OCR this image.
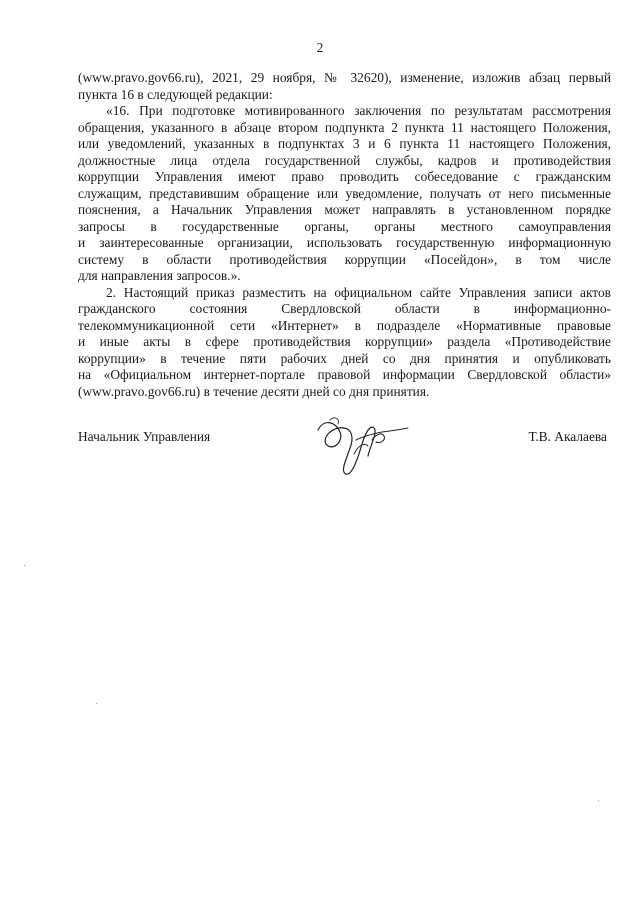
2
(www.pravo.gov66.ru), 2021, 29 ноября, № 32620), изменение, изложив абзац первый
пункта 16 в следующей редакции:
«16. При подготовке мотивированного заключения по результатам рассмотрения
обращения, указанного в абзаце втором подпункта 2 пункта 11 настоящего Положения,
или уведомлений, указанных в подпунктах 3 и 6 пункта 11 настоящего Положения,
должностные лица отдела государственной службы, кадров и противодействия
коррупции Управления имеют право проводить собеседование с гражданским
служащим, представившим обращение или уведомление, получать от него письменные
пояснения, а Начальник Управления может направлять в установленном порядке
запросы в государственные органы, органы местного самоуправления
и заинтересованные организации, использовать государственную информационную
систему в области противодействия коррупции «Посейдон», в том числе
для направления запросов.».
2. Настоящий приказ разместить на официальном сайте Управления записи актов
гражданского состояния Свердловской области в информационно-
телекоммуникационной сети «Интернет» в подразделе «Нормативные правовые
и иные акты в сфере противодействия коррупции» раздела «Противодействие
коррупции» в течение пяти рабочих дней со дня принятия и опубликовать
на «Официальном интернет-портале правовой информации Свердловской области»
(www.pravo.gov66.ru) в течение десяти дней со дня принятия.
Начальник Управления	Т.В. Акалаева
